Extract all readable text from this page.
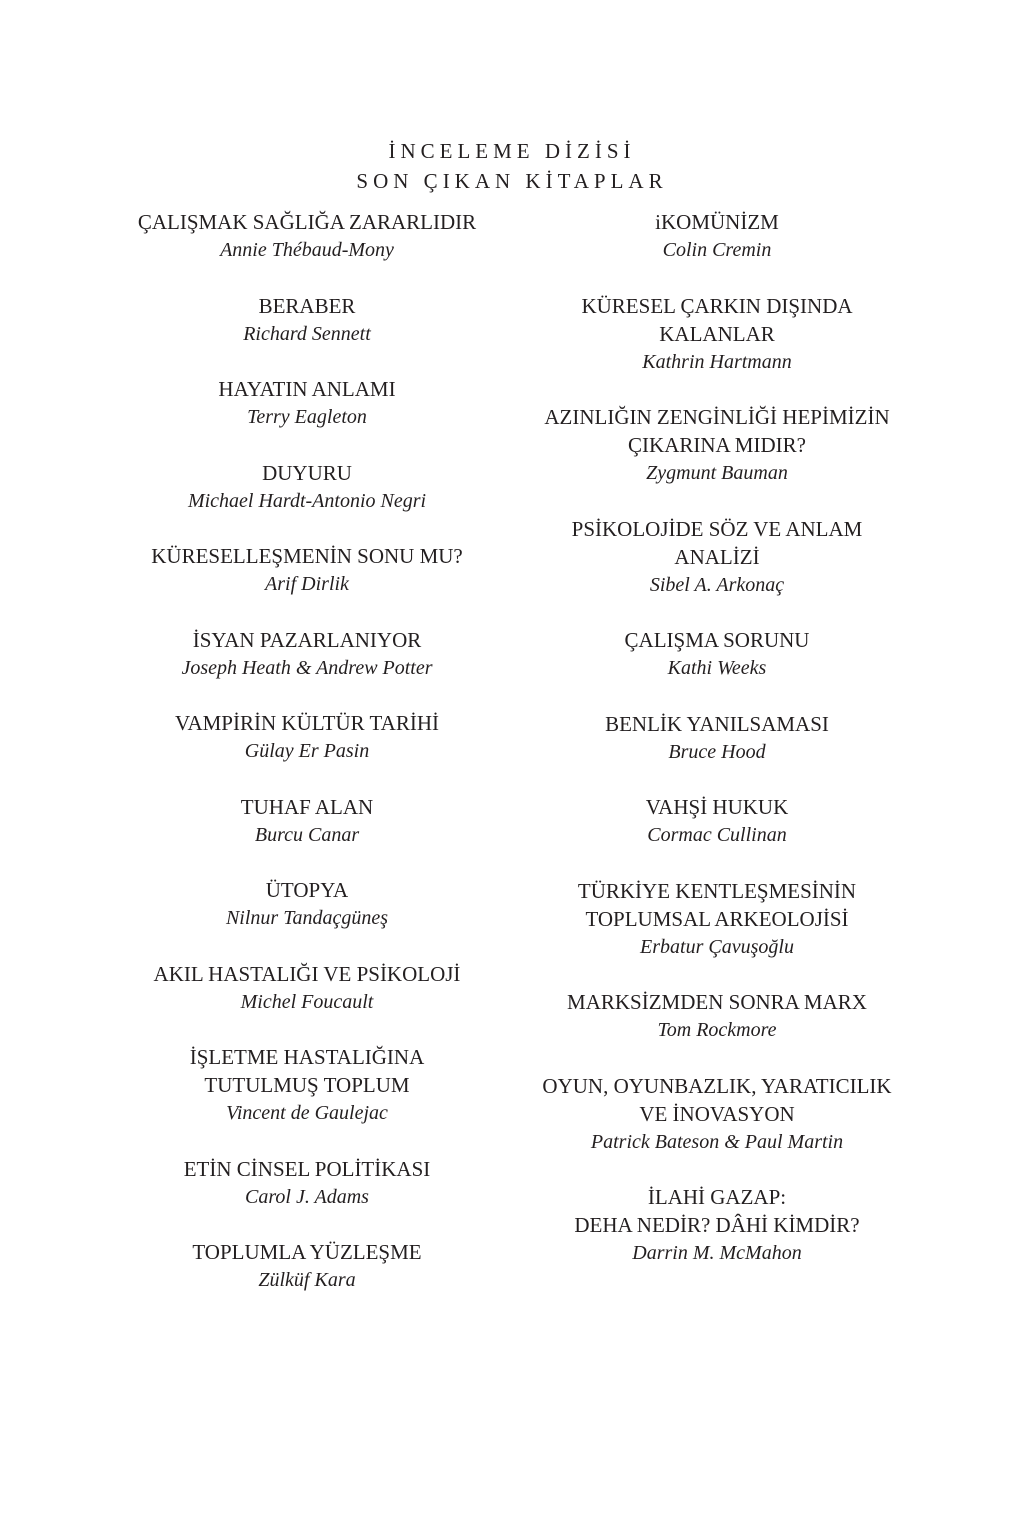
İNCELEME DİZİSİ
SON ÇIKAN KİTAPLAR
ÇALIŞMAK SAĞLIĞA ZARARLIDIR
Annie Thébaud-Mony
BERABER
Richard Sennett
HAYATIN ANLAMI
Terry Eagleton
DUYURU
Michael Hardt-Antonio Negri
KÜRESELLEŞMENİN SONU MU?
Arif Dirlik
İSYAN PAZARLANIYOR
Joseph Heath & Andrew Potter
VAMPİRİN KÜLTÜR TARİHİ
Gülay Er Pasin
TUHAF ALAN
Burcu Canar
ÜTOPYA
Nilnur Tandaçgüneş
AKIL HASTALIĞI VE PSİKOLOJİ
Michel Foucault
İŞLETME HASTALIĞINA
TUTULMUŞ TOPLUM
Vincent de Gaulejac
ETİN CİNSEL POLİTİKASI
Carol J. Adams
TOPLUMLA YÜZLEŞME
Zülküf Kara
iKOMÜNİZM
Colin Cremin
KÜRESEL ÇARKIN DIŞINDA
KALANLAR
Kathrin Hartmann
AZINLIĞIN ZENGİNLİĞİ HEPİMİZİN
ÇIKARINA MIDIR?
Zygmunt Bauman
PSİKOLOJİDE SÖZ VE ANLAM
ANALİZİ
Sibel A. Arkonaç
ÇALIŞMA SORUNU
Kathi Weeks
BENLİK YANILSAMASI
Bruce Hood
VAHŞİ HUKUK
Cormac Cullinan
TÜRKİYE KENTLEŞMESİNİN
TOPLUMSAL ARKEOLOJİSİ
Erbatur Çavuşoğlu
MARKSİZMDEN SONRA MARX
Tom Rockmore
OYUN, OYUNBAZLIK, YARATICILIK
VE İNOVASYON
Patrick Bateson & Paul Martin
İLAHİ GAZAP:
DEHA NEDİR? DÂHİ KİMDİR?
Darrin M. McMahon
